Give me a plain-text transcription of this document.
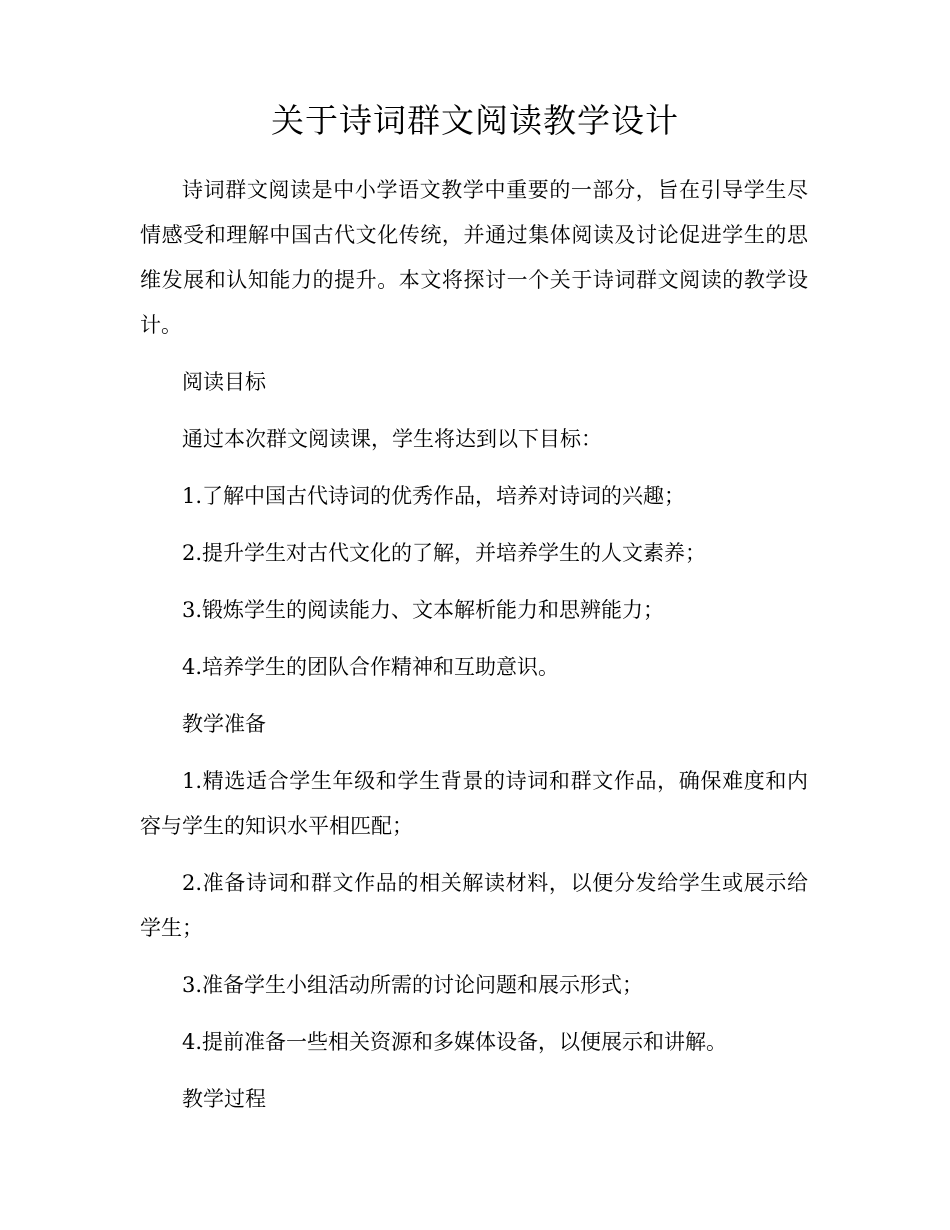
关于诗词群文阅读教学设计

诗词群文阅读是中小学语文教学中重要的一部分，旨在引导学生尽情感受和理解中国古代文化传统，并通过集体阅读及讨论促进学生的思维发展和认知能力的提升。本文将探讨一个关于诗词群文阅读的教学设计。

阅读目标

通过本次群文阅读课，学生将达到以下目标：

1.了解中国古代诗词的优秀作品，培养对诗词的兴趣；

2.提升学生对古代文化的了解，并培养学生的人文素养；

3.锻炼学生的阅读能力、文本解析能力和思辨能力；

4.培养学生的团队合作精神和互助意识。

教学准备

1.精选适合学生年级和学生背景的诗词和群文作品，确保难度和内容与学生的知识水平相匹配；

2.准备诗词和群文作品的相关解读材料，以便分发给学生或展示给学生；

3.准备学生小组活动所需的讨论问题和展示形式；

4.提前准备一些相关资源和多媒体设备，以便展示和讲解。

教学过程
